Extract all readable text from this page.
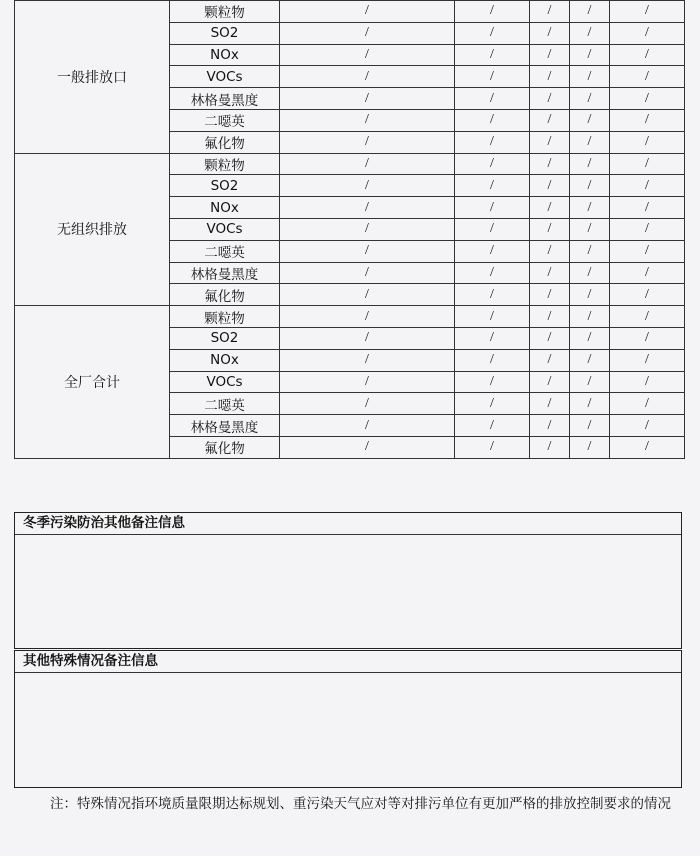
一般排放口	颗粒物	/	/	/	/	/
	SO2	/	/	/	/	/
	NOx	/	/	/	/	/
	VOCs	/	/	/	/	/
	林格曼黑度	/	/	/	/	/
	二噁英	/	/	/	/	/
	氟化物	/	/	/	/	/
无组织排放	颗粒物	/	/	/	/	/
	SO2	/	/	/	/	/
	NOx	/	/	/	/	/
	VOCs	/	/	/	/	/
	二噁英	/	/	/	/	/
	林格曼黑度	/	/	/	/	/
	氟化物	/	/	/	/	/
全厂合计	颗粒物	/	/	/	/	/
	SO2	/	/	/	/	/
	NOx	/	/	/	/	/
	VOCs	/	/	/	/	/
	二噁英	/	/	/	/	/
	林格曼黑度	/	/	/	/	/
	氟化物	/	/	/	/	/
冬季污染防治其他备注信息
其他特殊情况备注信息
注：特殊情况指环境质量限期达标规划、重污染天气应对等对排污单位有更加严格的排放控制要求的情况
